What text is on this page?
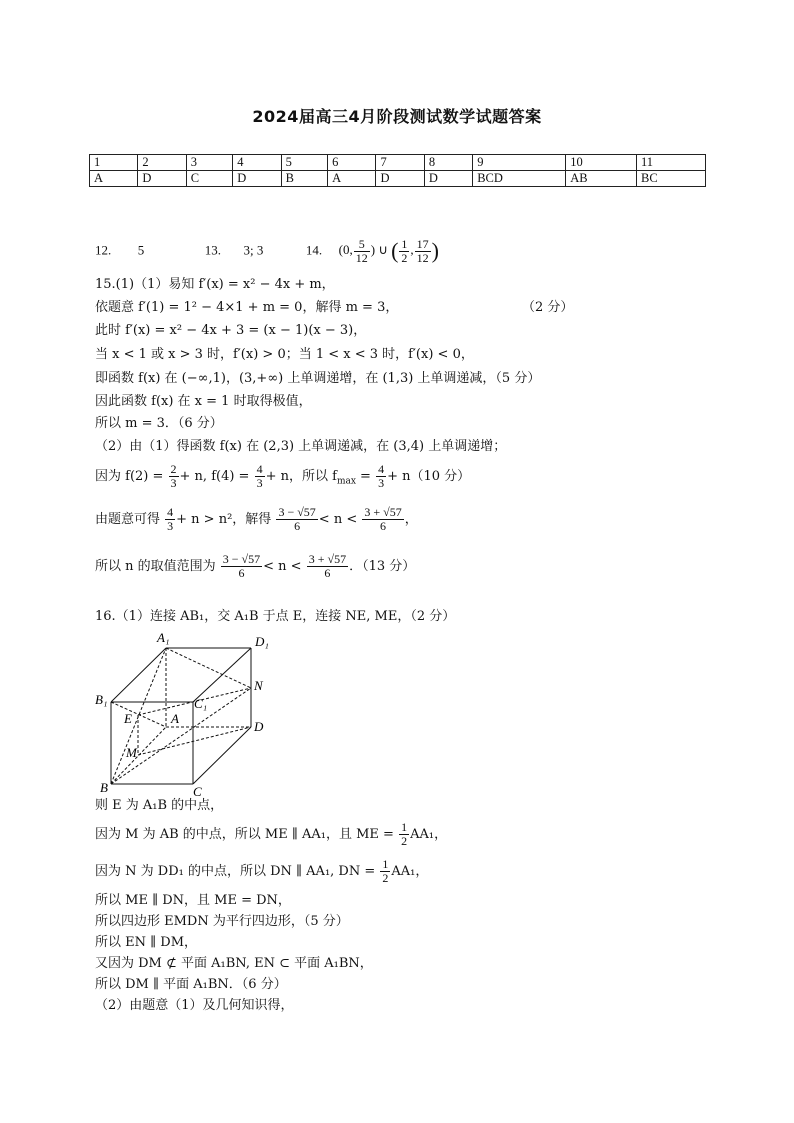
2024届高三4月阶段测试数学试题答案
1	2	3	4	5	6	7	8	9	10	11
A	D	C	D	B	A	D	D	BCD	AB	BC
12. 5	13. 3; 3	14. (0, $\frac{5}{12}$ ) ∪ ( $\frac{1}{2}$ , $\frac{17}{12}$ )
15.(1)（1）易知 f′(x) = x² − 4x + m，
依题意 f′(1) = 1² − 4×1 + m = 0，解得 m = 3，	（2 分）
此时 f′(x) = x² − 4x + 3 = (x − 1)(x − 3)，
当 x < 1 或 x > 3 时，f′(x) > 0；当 1 < x < 3 时，f′(x) < 0，
即函数 f(x) 在 (−∞,1)，(3,+∞) 上单调递增，在 (1,3) 上单调递减，（5 分）
因此函数 f(x) 在 x = 1 时取得极值，
所以 m = 3．（6 分）
（2）由（1）得函数 f(x) 在 (2,3) 上单调递减，在 (3,4) 上单调递增；
因为 $f(2) = \frac{2}{3} + n$, $f(4) = \frac{4}{3} + n$，所以 $f_{max} = \frac{4}{3} + n(10$ 分）
由题意可得 $\frac{4}{3} + n > n^2$，解得 $\frac{3 - √57}{6} < n < \frac{3 + √57}{6}$ ，
所以 n 的取值范围为 $\frac{3 - √57}{6} < n < \frac{3 + √57}{6}$ ．（13 分）
16.（1）连接 AB₁，交 A₁B 于点 E，连接 NE, ME，（2 分）
A₁	D₁
B₁	C₁
N
E	A
D
M
B	C
则 E 为 A₁B 的中点，
因为 M 为 AB 的中点，所以 ME ∥ AA₁，且 ME = $\frac{1}{2} AA_1$，
因为 N 为 DD₁ 的中点，所以 DN ∥ AA₁, DN = $\frac{1}{2} AA_1$，
所以 ME ∥ DN，且 ME = DN，
所以四边形 EMDN 为平行四边形，（5 分）
所以 EN ∥ DM，
又因为 DM ⊄ 平面 A₁BN, EN ⊂ 平面 A₁BN，
所以 DM ∥ 平面 A₁BN．（6 分）
（2）由题意（1）及几何知识得，
